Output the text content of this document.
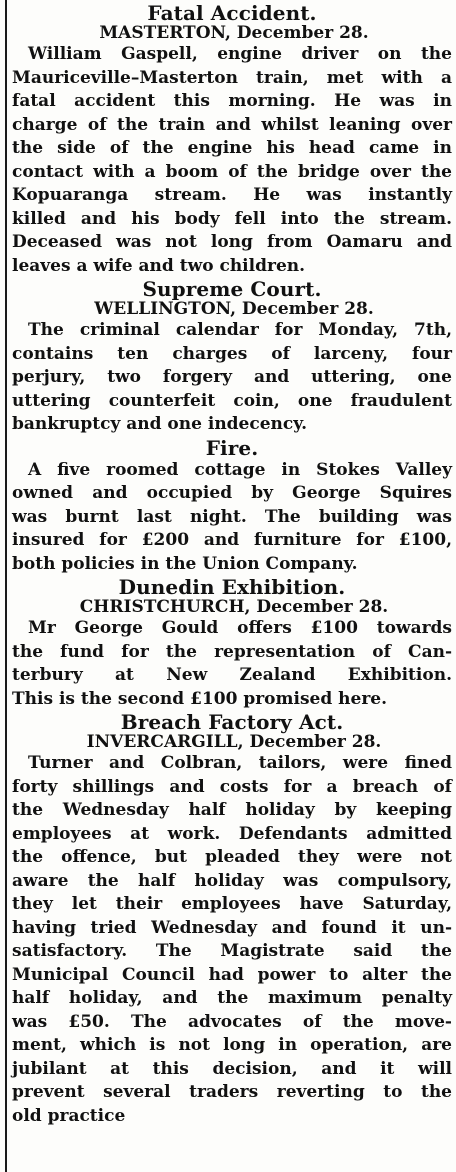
Fatal Accident.
MASTERTON, December 28.
William Gaspell, engine driver on the
Mauriceville–Masterton train, met with a
fatal accident this morning. He was in
charge of the train and whilst leaning over
the side of the engine his head came in
contact with a boom of the bridge over the
Kopuaranga stream. He was instantly
killed and his body fell into the stream.
Deceased was not long from Oamaru and
leaves a wife and two children.
Supreme Court.
WELLINGTON, December 28.
The criminal calendar for Monday, 7th,
contains ten charges of larceny, four
perjury, two forgery and uttering, one
uttering counterfeit coin, one fraudulent
bankruptcy and one indecency.
Fire.
A five roomed cottage in Stokes Valley
owned and occupied by George Squires
was burnt last night. The building was
insured for £200 and furniture for £100,
both policies in the Union Company.
Dunedin Exhibition.
CHRISTCHURCH, December 28.
Mr George Gould offers £100 towards
the fund for the representation of Can-
terbury at New Zealand Exhibition.
This is the second £100 promised here.
Breach Factory Act.
INVERCARGILL, December 28.
Turner and Colbran, tailors, were fined
forty shillings and costs for a breach of
the Wednesday half holiday by keeping
employees at work. Defendants admitted
the offence, but pleaded they were not
aware the half holiday was compulsory,
they let their employees have Saturday,
having tried Wednesday and found it un-
satisfactory. The Magistrate said the
Municipal Council had power to alter the
half holiday, and the maximum penalty
was £50. The advocates of the move-
ment, which is not long in operation, are
jubilant at this decision, and it will
prevent several traders reverting to the
old practice
